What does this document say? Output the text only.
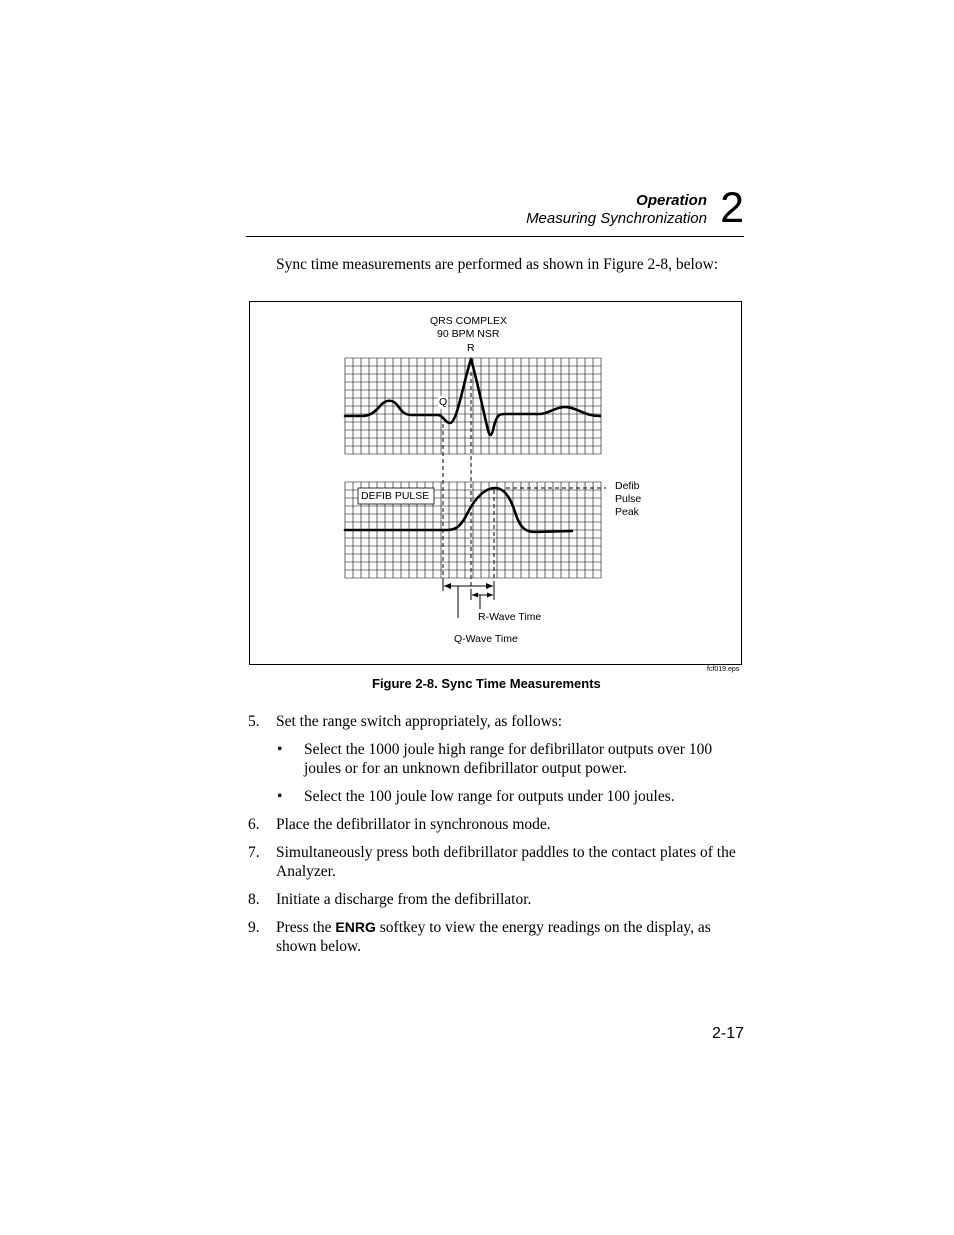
Operation
Measuring Synchronization 2
Sync time measurements are performed as shown in Figure 2-8, below:
QRS COMPLEX
90 BPM NSR
R
Q
DEFIB PULSE
Defib
Pulse
Peak
R-Wave Time
Q-Wave Time
fcf019.eps
Figure 2-8. Sync Time Measurements
5. Set the range switch appropriately, as follows:
• Select the 1000 joule high range for defibrillator outputs over 100
joules or for an unknown defibrillator output power.
• Select the 100 joule low range for outputs under 100 joules.
6. Place the defibrillator in synchronous mode.
7. Simultaneously press both defibrillator paddles to the contact plates of the
Analyzer.
8. Initiate a discharge from the defibrillator.
9. Press the ENRG softkey to view the energy readings on the display, as
shown below.
2-17
